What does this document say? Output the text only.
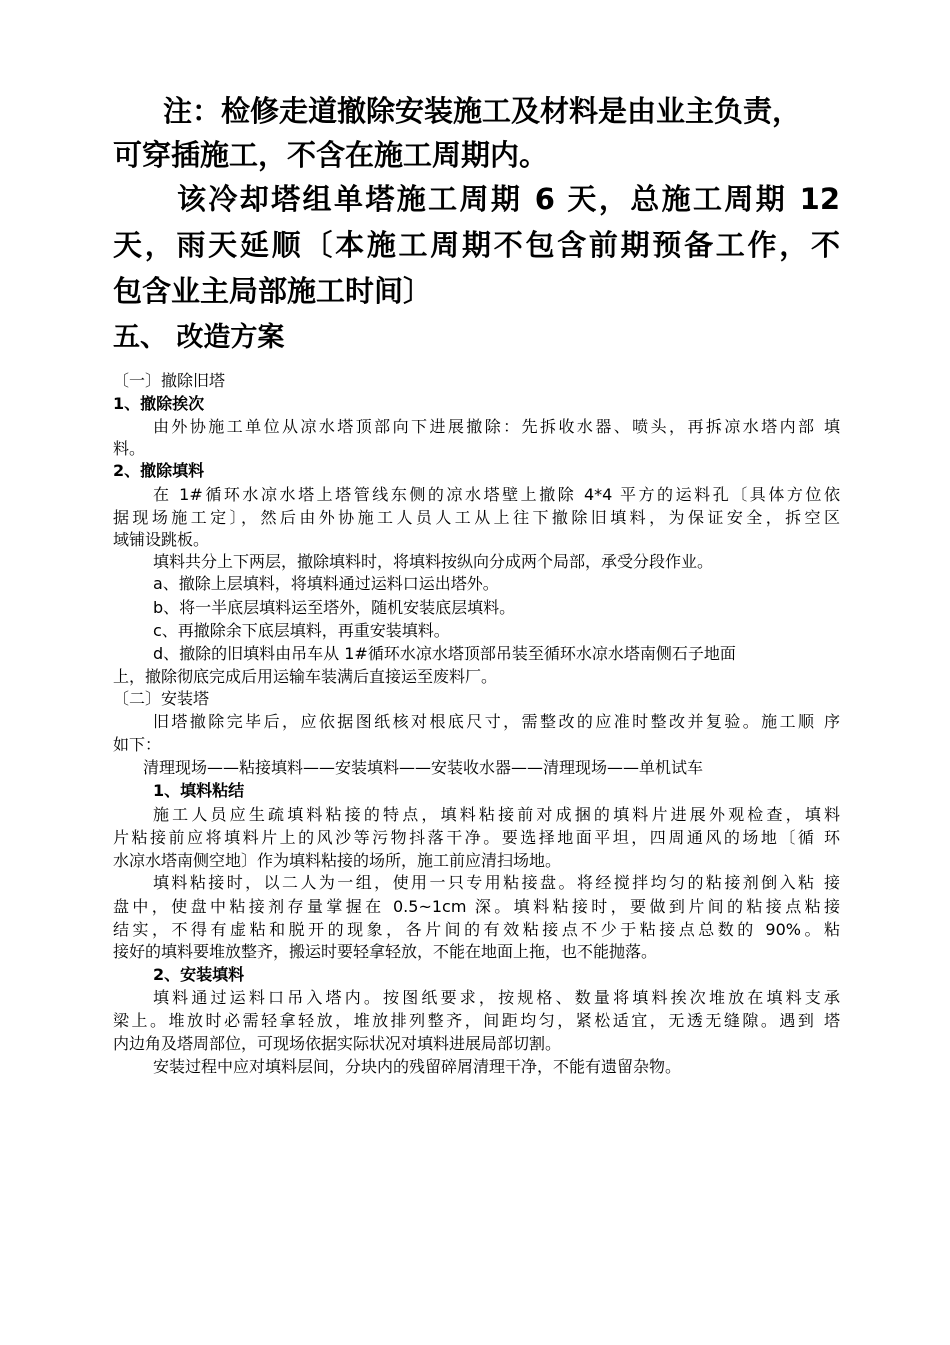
注：检修走道撤除安装施工及材料是由业主负责，
可穿插施工，不含在施工周期内。
该冷却塔组单塔施工周期 6 天，总施工周期 12
天，雨天延顺〔本施工周期不包含前期预备工作，不
包含业主局部施工时间〕
五、 改造方案
〔一〕撤除旧塔
1、撤除挨次
由外协施工单位从凉水塔顶部向下进展撤除：先拆收水器、喷头，再拆凉水塔内部 填
料。
2、撤除填料
在 1#循环水凉水塔上塔管线东侧的凉水塔壁上撤除 4*4 平方的运料孔〔具体方位依
据现场施工定〕，然后由外协施工人员人工从上往下撤除旧填料，为保证安全，拆空区
域铺设跳板。
填料共分上下两层，撤除填料时，将填料按纵向分成两个局部，承受分段作业。
a、撤除上层填料，将填料通过运料口运出塔外。
b、将一半底层填料运至塔外，随机安装底层填料。
c、再撤除余下底层填料，再重安装填料。
d、撤除的旧填料由吊车从 1#循环水凉水塔顶部吊装至循环水凉水塔南侧石子地面
上，撤除彻底完成后用运输车装满后直接运至废料厂。
〔二〕安装塔
旧塔撤除完毕后，应依据图纸核对根底尺寸，需整改的应准时整改并复验。施工顺 序
如下：
清理现场——粘接填料——安装填料——安装收水器——清理现场——单机试车
1、填料粘结
施工人员应生疏填料粘接的特点，填料粘接前对成捆的填料片进展外观检查，填料
片粘接前应将填料片上的风沙等污物抖落干净。要选择地面平坦，四周通风的场地〔循 环
水凉水塔南侧空地〕作为填料粘接的场所，施工前应清扫场地。
填料粘接时，以二人为一组，使用一只专用粘接盘。将经搅拌均匀的粘接剂倒入粘 接
盘中，使盘中粘接剂存量掌握在 0.5~1cm 深。填料粘接时，要做到片间的粘接点粘接
结实，不得有虚粘和脱开的现象，各片间的有效粘接点不少于粘接点总数的 90%。粘
接好的填料要堆放整齐，搬运时要轻拿轻放，不能在地面上拖，也不能抛落。
2、安装填料
填料通过运料口吊入塔内。按图纸要求，按规格、数量将填料挨次堆放在填料支承
梁上。堆放时必需轻拿轻放，堆放排列整齐，间距均匀，紧松适宜，无透无缝隙。遇到 塔
内边角及塔周部位，可现场依据实际状况对填料进展局部切割。
安装过程中应对填料层间，分块内的残留碎屑清理干净，不能有遗留杂物。
